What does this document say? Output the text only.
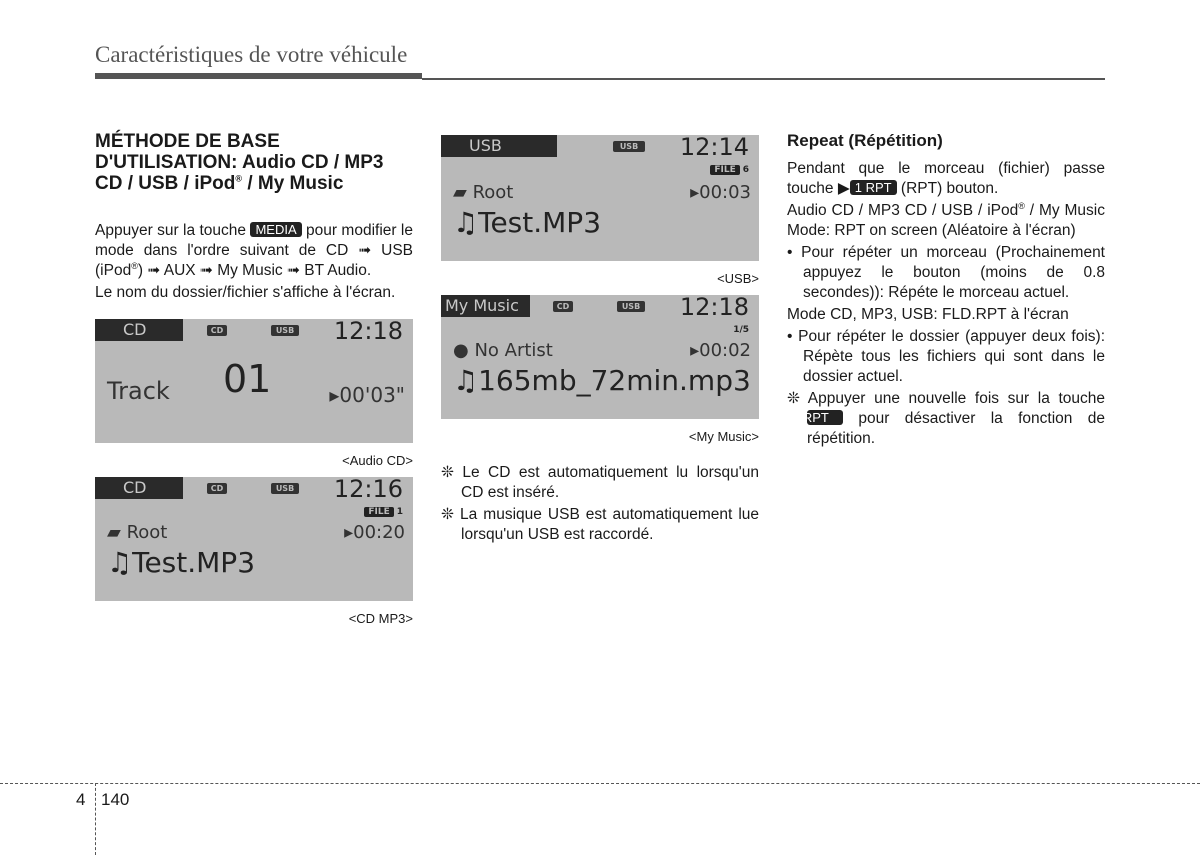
Caractéristiques de votre véhicule
MÉTHODE DE BASE D'UTILISATION: Audio CD / MP3 CD / USB / iPod® / My Music

Appuyer sur la touche MEDIA pour modifier le mode dans l'ordre suivant de CD ➟ USB (iPod®) ➟ AUX ➟ My Music ➟ BT Audio.

Le nom du dossier/fichier s'affiche à l'écran.

CD	CD	USB 12:18
Track 01	▸00'03"
<Audio CD>
CD	CD	USB 12:16
FILE 1
▰ Root	▸00:20
♫Test.MP3
<CD MP3>
USB	USB 12:14
FILE 6
▰ Root	▸00:03
♫Test.MP3
<USB>
My Music	CD	USB 12:18
1/5
● No Artist	▸00:02
♫165mb_72min.mp3
<My Music>

❊ Le CD est automatiquement lu lorsqu'un CD est inséré.

❊ La musique USB est automatiquement lue lorsqu'un USB est raccordé.

Repeat (Répétition)

Pendant que le morceau (fichier) passe touche ▶ 1 RPT (RPT) bouton.

Audio CD / MP3 CD / USB / iPod® / My Music Mode: RPT on screen (Aléatoire à l'écran)

• Pour répéter un morceau (Prochainement appuyez le bouton (moins de 0.8 secondes)): Répéte le morceau actuel.

Mode CD, MP3, USB: FLD.RPT à l'écran

• Pour répéter le dossier (appuyer deux fois): Répète tous les fichiers qui sont dans le dossier actuel.

❊ Appuyer une nouvelle fois sur la touche 1 RPT pour désactiver la fonction de répétition.

4 140
